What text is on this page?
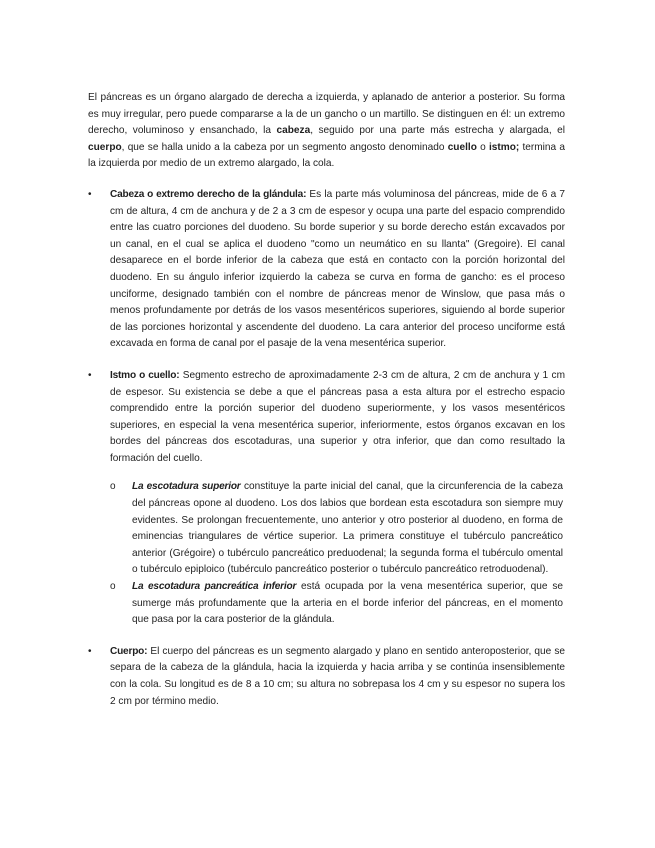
El páncreas es un órgano alargado de derecha a izquierda, y aplanado de anterior a posterior. Su forma es muy irregular, pero puede compararse a la de un gancho o un martillo. Se distinguen en él: un extremo derecho, voluminoso y ensanchado, la cabeza, seguido por una parte más estrecha y alargada, el cuerpo, que se halla unido a la cabeza por un segmento angosto denominado cuello o istmo; termina a la izquierda por medio de un extremo alargado, la cola.

•	Cabeza o extremo derecho de la glándula: Es la parte más voluminosa del páncreas, mide de 6 a 7 cm de altura, 4 cm de anchura y de 2 a 3 cm de espesor y ocupa una parte del espacio comprendido entre las cuatro porciones del duodeno. Su borde superior y su borde derecho están excavados por un canal, en el cual se aplica el duodeno "como un neumático en su llanta" (Gregoire). El canal desaparece en el borde inferior de la cabeza que está en contacto con la porción horizontal del duodeno. En su ángulo inferior izquierdo la cabeza se curva en forma de gancho: es el proceso unciforme, designado también con el nombre de páncreas menor de Winslow, que pasa más o menos profundamente por detrás de los vasos mesentéricos superiores, siguiendo al borde superior de las porciones horizontal y ascendente del duodeno. La cara anterior del proceso unciforme está excavada en forma de canal por el pasaje de la vena mesentérica superior.

•	Istmo o cuello: Segmento estrecho de aproximadamente 2-3 cm de altura, 2 cm de anchura y 1 cm de espesor. Su existencia se debe a que el páncreas pasa a esta altura por el estrecho espacio comprendido entre la porción superior del duodeno superiormente, y los vasos mesentéricos superiores, en especial la vena mesentérica superior, inferiormente, estos órganos excavan en los bordes del páncreas dos escotaduras, una superior y otra inferior, que dan como resultado la formación del cuello.

o La escotadura superior constituye la parte inicial del canal, que la circunferencia de la cabeza del páncreas opone al duodeno. Los dos labios que bordean esta escotadura son siempre muy evidentes. Se prolongan frecuentemente, uno anterior y otro posterior al duodeno, en forma de eminencias triangulares de vértice superior. La primera constituye el tubérculo pancreático anterior (Grégoire) o tubérculo pancreático preduodenal; la segunda forma el tubérculo omental o tubérculo epiploico (tubérculo pancreático posterior o tubérculo pancreático retroduodenal).

o La escotadura pancreática inferior está ocupada por la vena mesentérica superior, que se sumerge más profundamente que la arteria en el borde inferior del páncreas, en el momento que pasa por la cara posterior de la glándula.

•	Cuerpo: El cuerpo del páncreas es un segmento alargado y plano en sentido anteroposterior, que se separa de la cabeza de la glándula, hacia la izquierda y hacia arriba y se continúa insensiblemente con la cola. Su longitud es de 8 a 10 cm; su altura no sobrepasa los 4 cm y su espesor no supera los 2 cm por término medio.
